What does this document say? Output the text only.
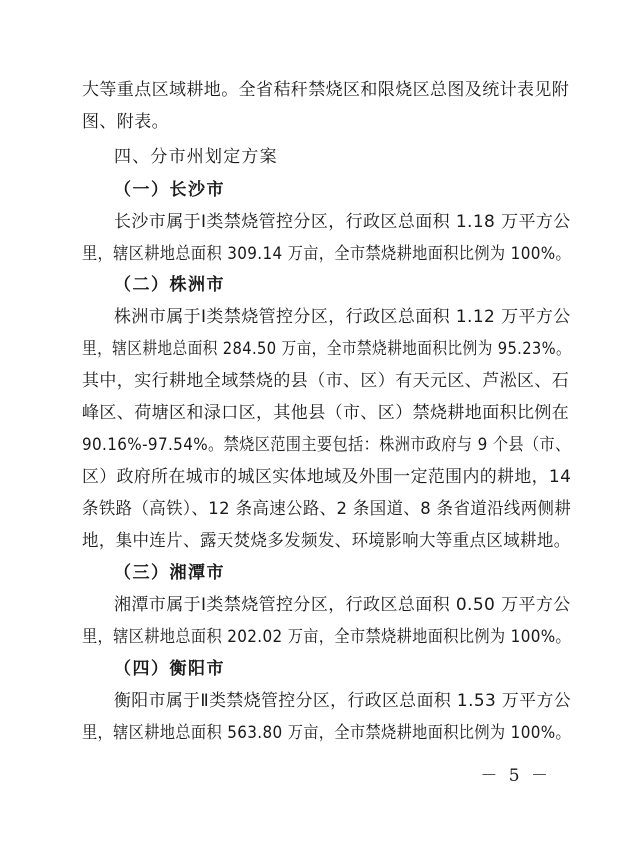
大等重点区域耕地。全省秸秆禁烧区和限烧区总图及统计表见附
图、附表。
四、分市州划定方案
（一）长沙市
长沙市属于Ⅰ类禁烧管控分区，行政区总面积 1.18 万平方公
里，辖区耕地总面积 309.14 万亩，全市禁烧耕地面积比例为 100%。
（二）株洲市
株洲市属于Ⅰ类禁烧管控分区，行政区总面积 1.12 万平方公
里，辖区耕地总面积 284.50 万亩，全市禁烧耕地面积比例为 95.23%。
其中，实行耕地全域禁烧的县（市、区）有天元区、芦淞区、石
峰区、荷塘区和渌口区，其他县（市、区）禁烧耕地面积比例在
90.16%-97.54%。禁烧区范围主要包括：株洲市政府与 9 个县（市、
区）政府所在城市的城区实体地域及外围一定范围内的耕地，14
条铁路（高铁）、12 条高速公路、2 条国道、8 条省道沿线两侧耕
地，集中连片、露天焚烧多发频发、环境影响大等重点区域耕地。
（三）湘潭市
湘潭市属于Ⅰ类禁烧管控分区，行政区总面积 0.50 万平方公
里，辖区耕地总面积 202.02 万亩，全市禁烧耕地面积比例为 100%。
（四）衡阳市
衡阳市属于Ⅱ类禁烧管控分区，行政区总面积 1.53 万平方公
里，辖区耕地总面积 563.80 万亩，全市禁烧耕地面积比例为 100%。
－ 5 －
